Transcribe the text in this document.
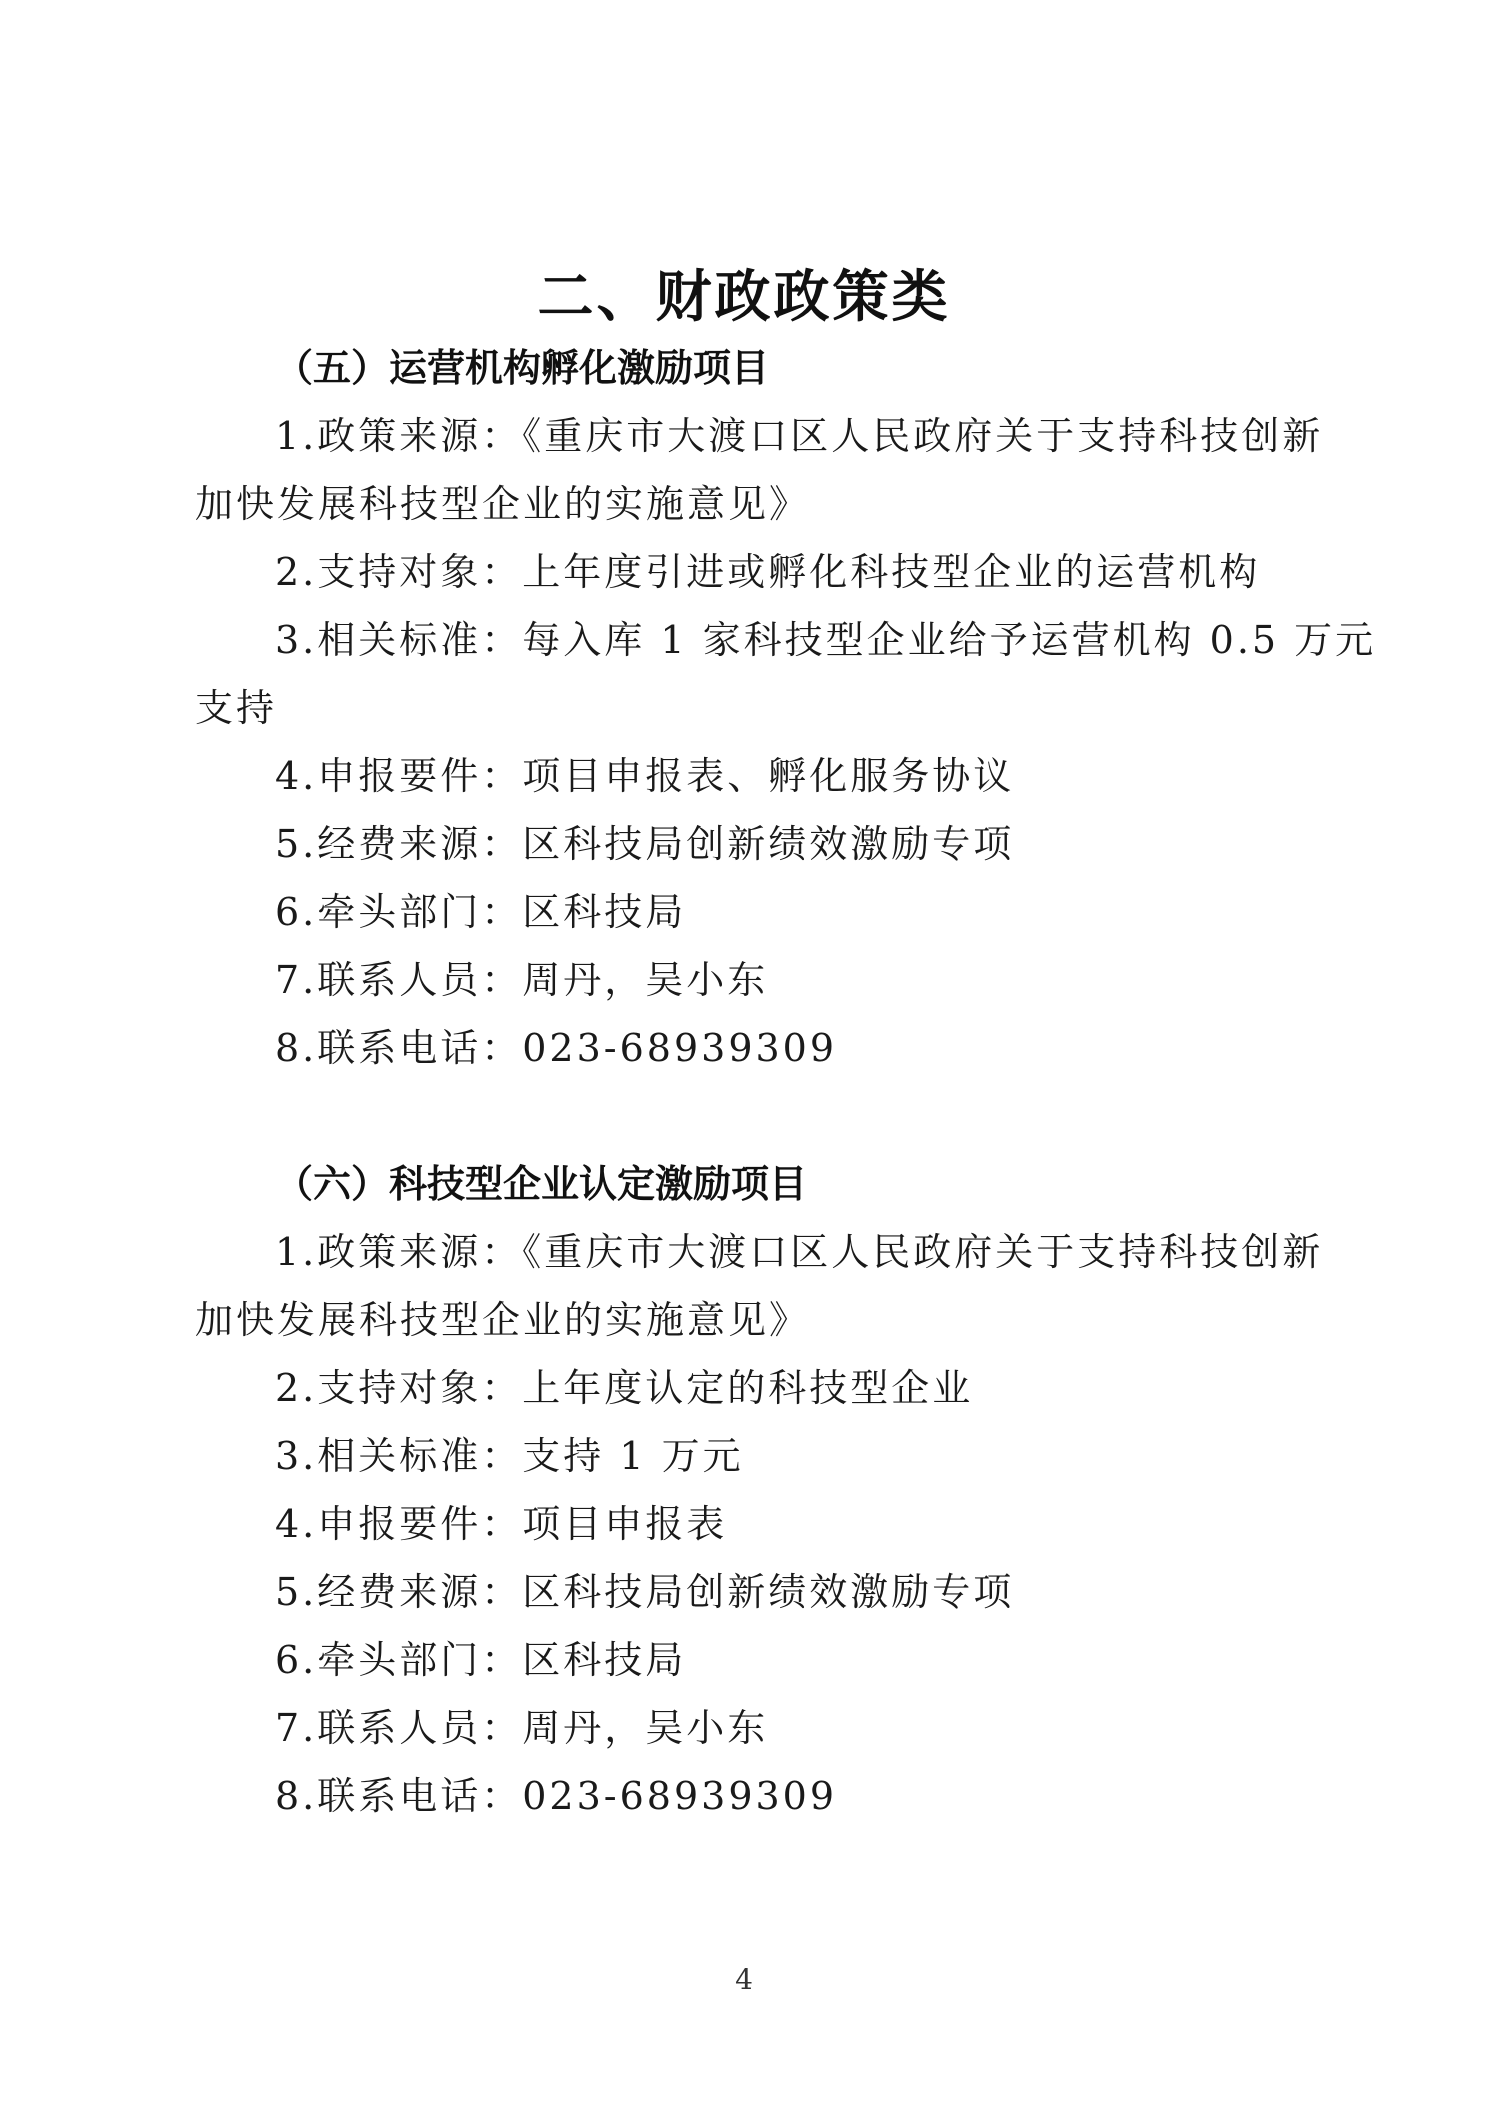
二、财政政策类
（五）运营机构孵化激励项目
1.政策来源：《重庆市大渡口区人民政府关于支持科技创新
加快发展科技型企业的实施意见》
2.支持对象：上年度引进或孵化科技型企业的运营机构
3.相关标准：每入库 1 家科技型企业给予运营机构 0.5 万元
支持
4.申报要件：项目申报表、孵化服务协议
5.经费来源：区科技局创新绩效激励专项
6.牵头部门：区科技局
7.联系人员：周丹，吴小东
8.联系电话：023-68939309
（六）科技型企业认定激励项目
1.政策来源：《重庆市大渡口区人民政府关于支持科技创新
加快发展科技型企业的实施意见》
2.支持对象：上年度认定的科技型企业
3.相关标准：支持 1 万元
4.申报要件：项目申报表
5.经费来源：区科技局创新绩效激励专项
6.牵头部门：区科技局
7.联系人员：周丹，吴小东
8.联系电话：023-68939309
4
